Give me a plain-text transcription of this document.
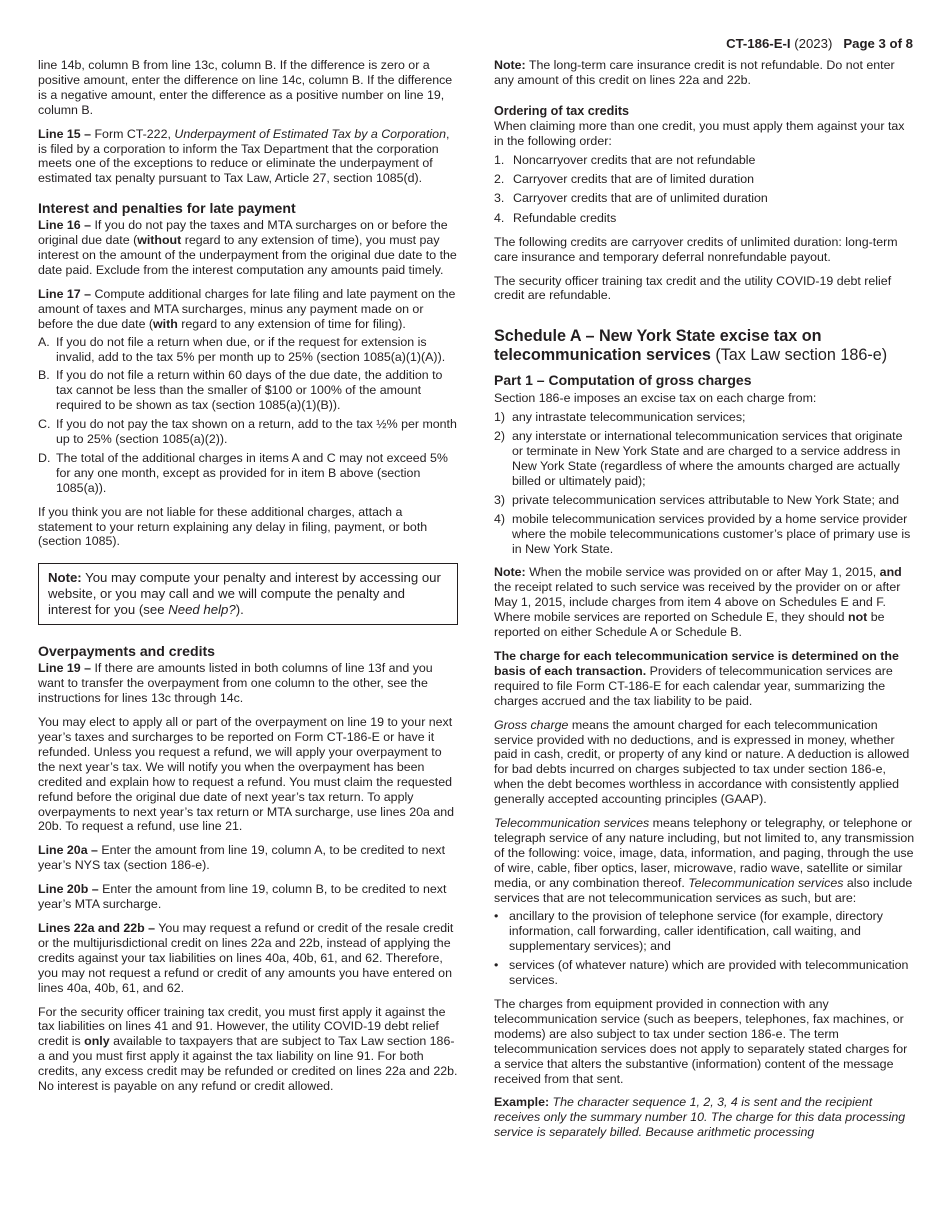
CT-186-E-I (2023) Page 3 of 8

line 14b, column B from line 13c, column B. If the difference is zero or a positive amount, enter the difference on line 14c, column B. If the difference is a negative amount, enter the difference as a positive number on line 19, column B.

Line 15 – Form CT-222, Underpayment of Estimated Tax by a Corporation, is filed by a corporation to inform the Tax Department that the corporation meets one of the exceptions to reduce or eliminate the underpayment of estimated tax penalty pursuant to Tax Law, Article 27, section 1085(d).

Interest and penalties for late payment

Line 16 – If you do not pay the taxes and MTA surcharges on or before the original due date (without regard to any extension of time), you must pay interest on the amount of the underpayment from the original due date to the date paid. Exclude from the interest computation any amounts paid timely.

Line 17 – Compute additional charges for late filing and late payment on the amount of taxes and MTA surcharges, minus any payment made on or before the due date (with regard to any extension of time for filing).

A. If you do not file a return when due, or if the request for extension is invalid, add to the tax 5% per month up to 25% (section 1085(a)(1)(A)).
B. If you do not file a return within 60 days of the due date, the addition to tax cannot be less than the smaller of $100 or 100% of the amount required to be shown as tax (section 1085(a)(1)(B)).
C. If you do not pay the tax shown on a return, add to the tax ½% per month up to 25% (section 1085(a)(2)).
D. The total of the additional charges in items A and C may not exceed 5% for any one month, except as provided for in item B above (section 1085(a)).

If you think you are not liable for these additional charges, attach a statement to your return explaining any delay in filing, payment, or both (section 1085).

Note: You may compute your penalty and interest by accessing our website, or you may call and we will compute the penalty and interest for you (see Need help?).
Overpayments and credits

Line 19 – If there are amounts listed in both columns of line 13f and you want to transfer the overpayment from one column to the other, see the instructions for lines 13c through 14c.

You may elect to apply all or part of the overpayment on line 19 to your next year’s taxes and surcharges to be reported on Form CT-186-E or have it refunded. Unless you request a refund, we will apply your overpayment to the next year’s tax. We will notify you when the overpayment has been credited and explain how to request a refund. You must claim the requested refund before the original due date of next year’s tax return. To apply overpayments to next year’s tax return or MTA surcharge, use lines 20a and 20b. To request a refund, use line 21.

Line 20a – Enter the amount from line 19, column A, to be credited to next year’s NYS tax (section 186-e).

Line 20b – Enter the amount from line 19, column B, to be credited to next year’s MTA surcharge.

Lines 22a and 22b – You may request a refund or credit of the resale credit or the multijurisdictional credit on lines 22a and 22b, instead of applying the credits against your tax liabilities on lines 40a, 40b, 61, and 62. Therefore, you may not request a refund or credit of any amounts you have entered on lines 40a, 40b, 61, and 62.

For the security officer training tax credit, you must first apply it against the tax liabilities on lines 41 and 91. However, the utility COVID-19 debt relief credit is only available to taxpayers that are subject to Tax Law section 186-a and you must first apply it against the tax liability on line 91. For both credits, any excess credit may be refunded or credited on lines 22a and 22b. No interest is payable on any refund or credit allowed.

Note: The long-term care insurance credit is not refundable. Do not enter any amount of this credit on lines 22a and 22b.

Ordering of tax credits

When claiming more than one credit, you must apply them against your tax in the following order:

1. Noncarryover credits that are not refundable
2. Carryover credits that are of limited duration
3. Carryover credits that are of unlimited duration
4. Refundable credits

The following credits are carryover credits of unlimited duration: long-term care insurance and temporary deferral nonrefundable payout.

The security officer training tax credit and the utility COVID-19 debt relief credit are refundable.

Schedule A – New York State excise tax on telecommunication services (Tax Law section 186-e)
Part 1 – Computation of gross charges

Section 186-e imposes an excise tax on each charge from:

1) any intrastate telecommunication services;
2) any interstate or international telecommunication services that originate or terminate in New York State and are charged to a service address in New York State (regardless of where the amounts charged are actually billed or ultimately paid);
3) private telecommunication services attributable to New York State; and
4) mobile telecommunication services provided by a home service provider where the mobile telecommunications customer’s place of primary use is in New York State.

Note: When the mobile service was provided on or after May 1, 2015, and the receipt related to such service was received by the provider on or after May 1, 2015, include charges from item 4 above on Schedules E and F. Where mobile services are reported on Schedule E, they should not be reported on either Schedule A or Schedule B.

The charge for each telecommunication service is determined on the basis of each transaction. Providers of telecommunication services are required to file Form CT-186-E for each calendar year, summarizing the charges accrued and the tax liability to be paid.

Gross charge means the amount charged for each telecommunication service provided with no deductions, and is expressed in money, whether paid in cash, credit, or property of any kind or nature. A deduction is allowed for bad debts incurred on charges subjected to tax under section 186-e, when the debt becomes worthless in accordance with consistently applied generally accepted accounting principles (GAAP).

Telecommunication services means telephony or telegraphy, or telephone or telegraph service of any nature including, but not limited to, any transmission of the following: voice, image, data, information, and paging, through the use of wire, cable, fiber optics, laser, microwave, radio wave, satellite or similar media, or any combination thereof. Telecommunication services also include services that are not telecommunication services as such, but are:

• ancillary to the provision of telephone service (for example, directory information, call forwarding, caller identification, call waiting, and supplementary services); and
• services (of whatever nature) which are provided with telecommunication services.

The charges from equipment provided in connection with any telecommunication service (such as beepers, telephones, fax machines, or modems) are also subject to tax under section 186-e. The term telecommunication services does not apply to separately stated charges for a service that alters the substantive (information) content of the message received from that sent.

Example: The character sequence 1, 2, 3, 4 is sent and the recipient receives only the summary number 10. The charge for this data processing service is separately billed. Because arithmetic processing
